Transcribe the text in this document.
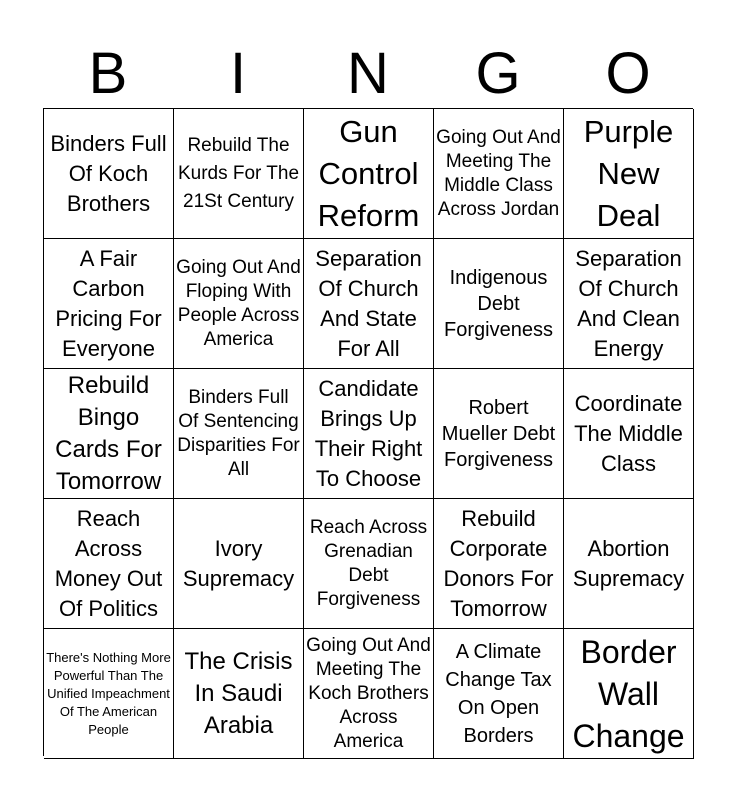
B	I	N	G	O
Binders Full Of Koch Brothers
Rebuild The Kurds For The 21St Century
Gun Control Reform
Going Out And Meeting The Middle Class Across Jordan
Purple New Deal
A Fair Carbon Pricing For Everyone
Going Out And Floping With People Across America
Separation Of Church And State For All
Indigenous Debt Forgiveness
Separation Of Church And Clean Energy
Rebuild Bingo Cards For Tomorrow
Binders Full Of Sentencing Disparities For All
Candidate Brings Up Their Right To Choose
Robert Mueller Debt Forgiveness
Coordinate The Middle Class
Reach Across Money Out Of Politics
Ivory Supremacy
Reach Across Grenadian Debt Forgiveness
Rebuild Corporate Donors For Tomorrow
Abortion Supremacy
There's Nothing More Powerful Than The Unified Impeachment Of The American People
The Crisis In Saudi Arabia
Going Out And Meeting The Koch Brothers Across America
A Climate Change Tax On Open Borders
Border Wall Change
